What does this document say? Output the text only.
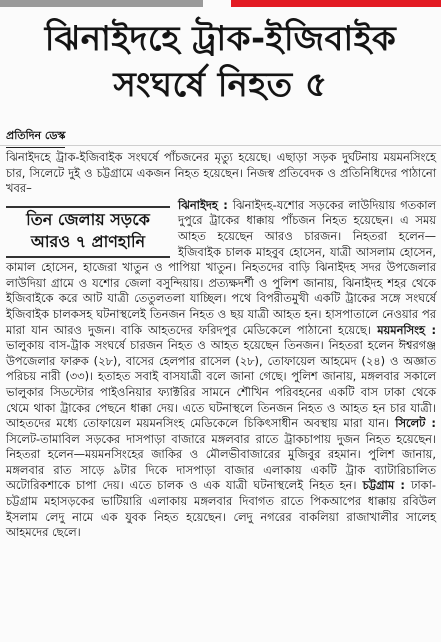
ঝিনাইদহে ট্রাক-ইজিবাইক সংঘর্ষে নিহত ৫
প্রতিদিন ডেস্ক

ঝিনাইদহে ট্রাক-ইজিবাইক সংঘর্ষে পাঁচজনের মৃত্যু হয়েছে। এছাড়া সড়ক দুর্ঘটনায় ময়মনসিংহে চার, সিলেটে দুই ও চট্টগ্রামে একজন নিহত হয়েছেন। নিজস্ব প্রতিবেদক ও প্রতিনিধিদের পাঠানো খবর–

ঝিনাইদহ :
তিন জেলায় সড়কে আরও ৭ প্রাণহানি
ঝিনাইদহ-যশোর সড়কের লাউদিয়ায় গতকাল দুপুরে ট্রাকের ধাক্কায় পাঁচজন নিহত হয়েছেন। এ সময় আহত হয়েছেন আরও চারজন। নিহতরা হলেন— ইজিবাইক চালক মাহবুব হোসেন, যাত্রী আসলাম হোসেন, কামাল হোসেন, হাজেরা খাতুন ও পাপিয়া খাতুন। নিহতদের বাড়ি ঝিনাইদহ সদর উপজেলার লাউদিয়া গ্রামে ও যশোর জেলা বসুন্দিয়ায়। প্রত্যক্ষদর্শী ও পুলিশ জানায়, ঝিনাইদহ শহর থেকে ইজিবাইকে করে আট যাত্রী তেতুলতলা যাচ্ছিল। পথে বিপরীতমুখী একটি ট্রাকের সঙ্গে সংঘর্ষে ইজিবাইক চালকসহ ঘটনাস্থলেই তিনজন নিহত ও ছয় যাত্রী আহত হন। হাসপাতালে নেওয়ার পর মারা যান আরও দুজন। বাকি আহতদের ফরিদপুর মেডিকেলে পাঠানো হয়েছে। ময়মনসিংহ : ভালুকায় বাস-ট্রাক সংঘর্ষে চারজন নিহত ও আহত হয়েছেন তিনজন। নিহতরা হলেন ঈশ্বরগঞ্জ উপজেলার ফারুক (২৮), বাসের হেলপার রাসেল (২৮), তোফায়েল আহমেদ (২৪) ও অজ্ঞাত পরিচয় নারী (৩৩)। হতাহত সবাই বাসযাত্রী বলে জানা গেছে। পুলিশ জানায়, মঙ্গলবার সকালে ভালুকার সিডস্টোর পাইওনিয়ার ফ্যাক্টরির সামনে শৌখিন পরিবহনের একটি বাস ঢাকা থেকে থেমে থাকা ট্রাকের পেছনে ধাক্কা দেয়। এতে ঘটনাস্থলে তিনজন নিহত ও আহত হন চার যাত্রী। আহতদের মধ্যে তোফায়েল ময়মনসিংহ মেডিকেলে চিকিৎসাধীন অবস্থায় মারা যান। সিলেট : সিলেট-তামাবিল সড়কের দাসপাড়া বাজারে মঙ্গলবার রাতে ট্রাকচাপায় দুজন নিহত হয়েছেন। নিহতরা হলেন—ময়মনসিংহের জাকির ও মৌলভীবাজারের মুজিবুর রহমান। পুলিশ জানায়, মঙ্গলবার রাত সাড়ে ৯টার দিকে দাসপাড়া বাজার এলাকায় একটি ট্রাক ব্যাটারিচালিত অটোরিকশাকে চাপা দেয়। এতে চালক ও এক যাত্রী ঘটনাস্থলেই নিহত হন। চট্টগ্রাম : ঢাকা-চট্টগ্রাম মহাসড়কের ভাটিয়ারি এলাকায় মঙ্গলবার দিবাগত রাতে পিকআপের ধাক্কায় রবিউল ইসলাম লেদু নামে এক যুবক নিহত হয়েছেন। লেদু নগরের বাকলিয়া রাজাখালীর সালেহ আহমদের ছেলে।
